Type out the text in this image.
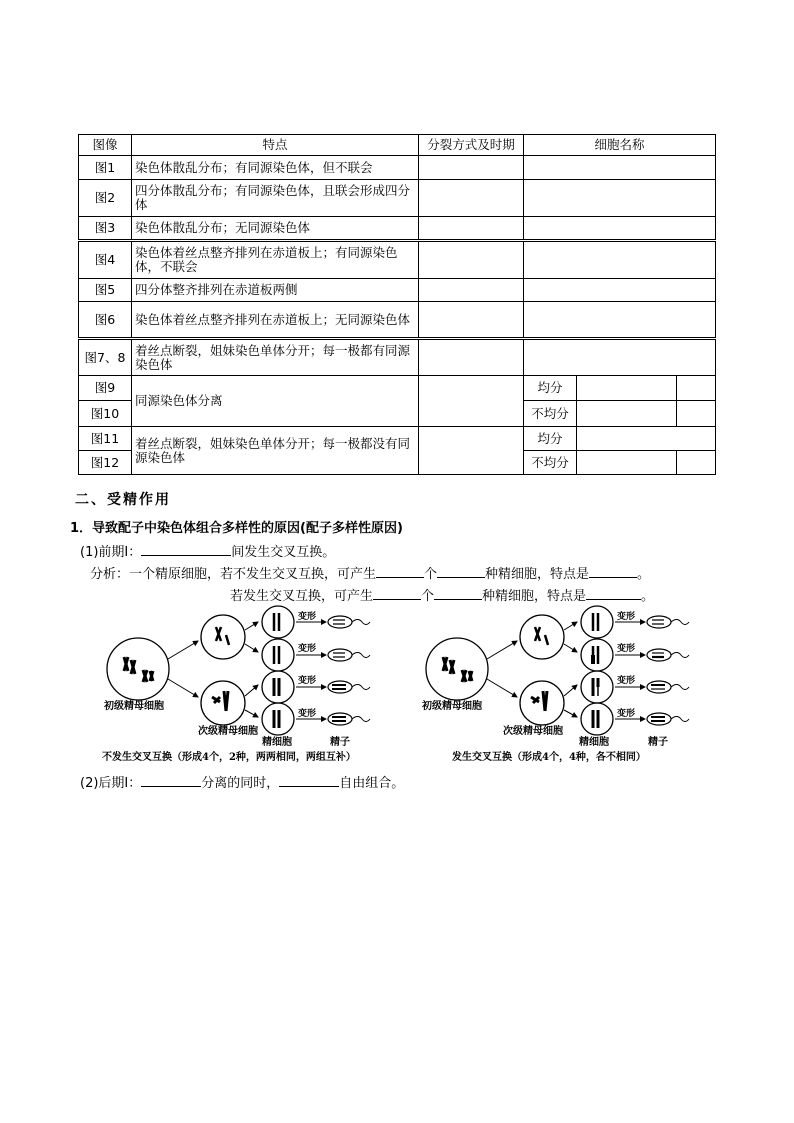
图像	特点	分裂方式及时期	细胞名称		
图1	染色体散乱分布；有同源染色体，但不联会				
图2	四分体散乱分布；有同源染色体，且联会形成四分体				
图3	染色体散乱分布；无同源染色体				
图4	染色体着丝点整齐排列在赤道板上；有同源染色体，不联会				
图5	四分体整齐排列在赤道板两侧				
图6	染色体着丝点整齐排列在赤道板上；无同源染色体				
图7、8	着丝点断裂，姐妹染色单体分开；每一极都有同源染色体				
图9	同源染色体分离		均分		
图10			不均分		
图11	着丝点断裂，姐妹染色单体分开；每一极都没有同源染色体		均分		
图12			不均分		
二、受精作用
1．导致配子中染色体组合多样性的原因(配子多样性原因)
(1)前期Ⅰ：	间发生交叉互换。
分析：一个精原细胞，若不发生交叉互换，可产生	个	种精细胞，特点是	。
若发生交叉互换，可产生	个	种精细胞，特点是	。
变形
变形
变形
变形
初级精母细胞
次级精母细胞
精细胞	精子
不发生交叉互换（形成4个，2种，两两相同，两组互补）
变形
变形
变形
变形
初级精母细胞
次级精母细胞
精细胞	精子
发生交叉互换（形成4个，4种，各不相同）
(2)后期Ⅰ：	分离的同时，	自由组合。
